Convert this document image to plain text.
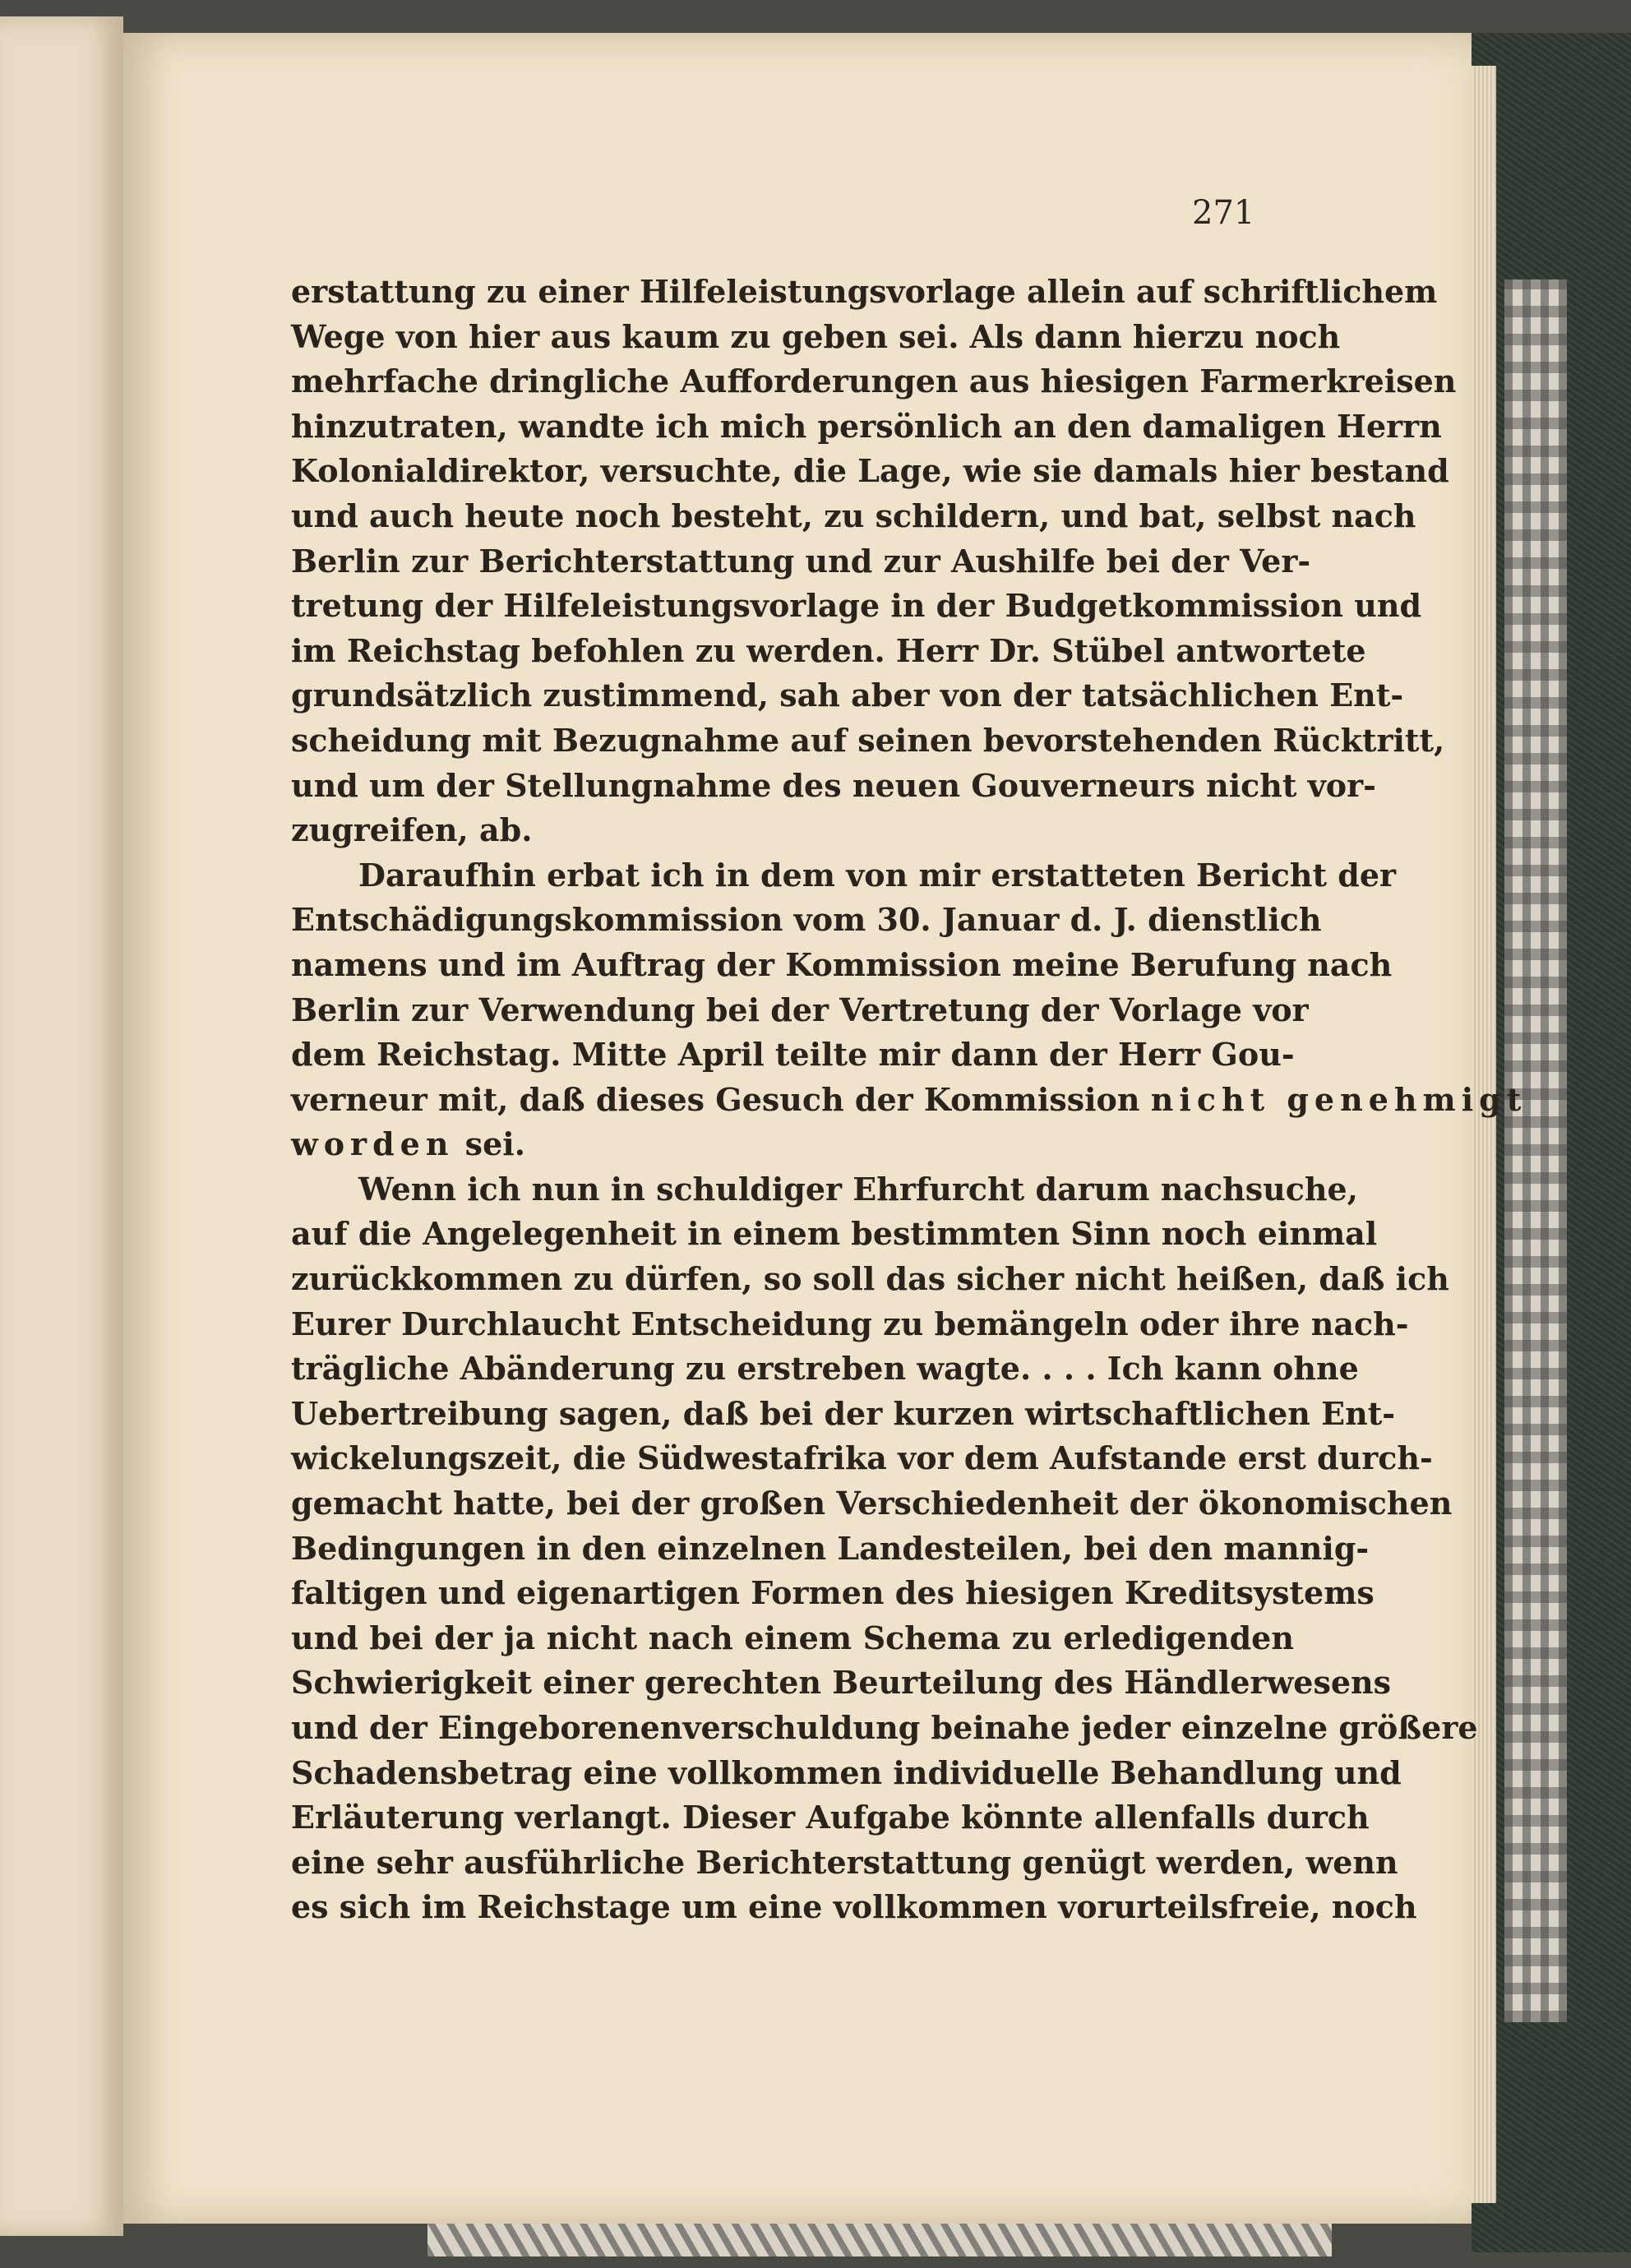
271
erstattung zu einer Hilfeleistungsvorlage allein auf schriftlichem
Wege von hier aus kaum zu geben sei. Als dann hierzu noch
mehrfache dringliche Aufforderungen aus hiesigen Farmerkreisen
hinzutraten, wandte ich mich persönlich an den damaligen Herrn
Kolonialdirektor, versuchte, die Lage, wie sie damals hier bestand
und auch heute noch besteht, zu schildern, und bat, selbst nach
Berlin zur Berichterstattung und zur Aushilfe bei der Ver-
tretung der Hilfeleistungsvorlage in der Budgetkommission und
im Reichstag befohlen zu werden. Herr Dr. Stübel antwortete
grundsätzlich zustimmend, sah aber von der tatsächlichen Ent-
scheidung mit Bezugnahme auf seinen bevorstehenden Rücktritt,
und um der Stellungnahme des neuen Gouverneurs nicht vor-
zugreifen, ab.
Daraufhin erbat ich in dem von mir erstatteten Bericht der
Entschädigungskommission vom 30. Januar d. J. dienstlich
namens und im Auftrag der Kommission meine Berufung nach
Berlin zur Verwendung bei der Vertretung der Vorlage vor
dem Reichstag. Mitte April teilte mir dann der Herr Gou-
verneur mit, daß dieses Gesuch der Kommission nicht genehmigt
worden sei.
Wenn ich nun in schuldiger Ehrfurcht darum nachsuche,
auf die Angelegenheit in einem bestimmten Sinn noch einmal
zurückkommen zu dürfen, so soll das sicher nicht heißen, daß ich
Eurer Durchlaucht Entscheidung zu bemängeln oder ihre nach-
trägliche Abänderung zu erstreben wagte. . . . Ich kann ohne
Uebertreibung sagen, daß bei der kurzen wirtschaftlichen Ent-
wickelungszeit, die Südwestafrika vor dem Aufstande erst durch-
gemacht hatte, bei der großen Verschiedenheit der ökonomischen
Bedingungen in den einzelnen Landesteilen, bei den mannig-
faltigen und eigenartigen Formen des hiesigen Kreditsystems
und bei der ja nicht nach einem Schema zu erledigenden
Schwierigkeit einer gerechten Beurteilung des Händlerwesens
und der Eingeborenenverschuldung beinahe jeder einzelne größere
Schadensbetrag eine vollkommen individuelle Behandlung und
Erläuterung verlangt. Dieser Aufgabe könnte allenfalls durch
eine sehr ausführliche Berichterstattung genügt werden, wenn
es sich im Reichstage um eine vollkommen vorurteilsfreie, noch
